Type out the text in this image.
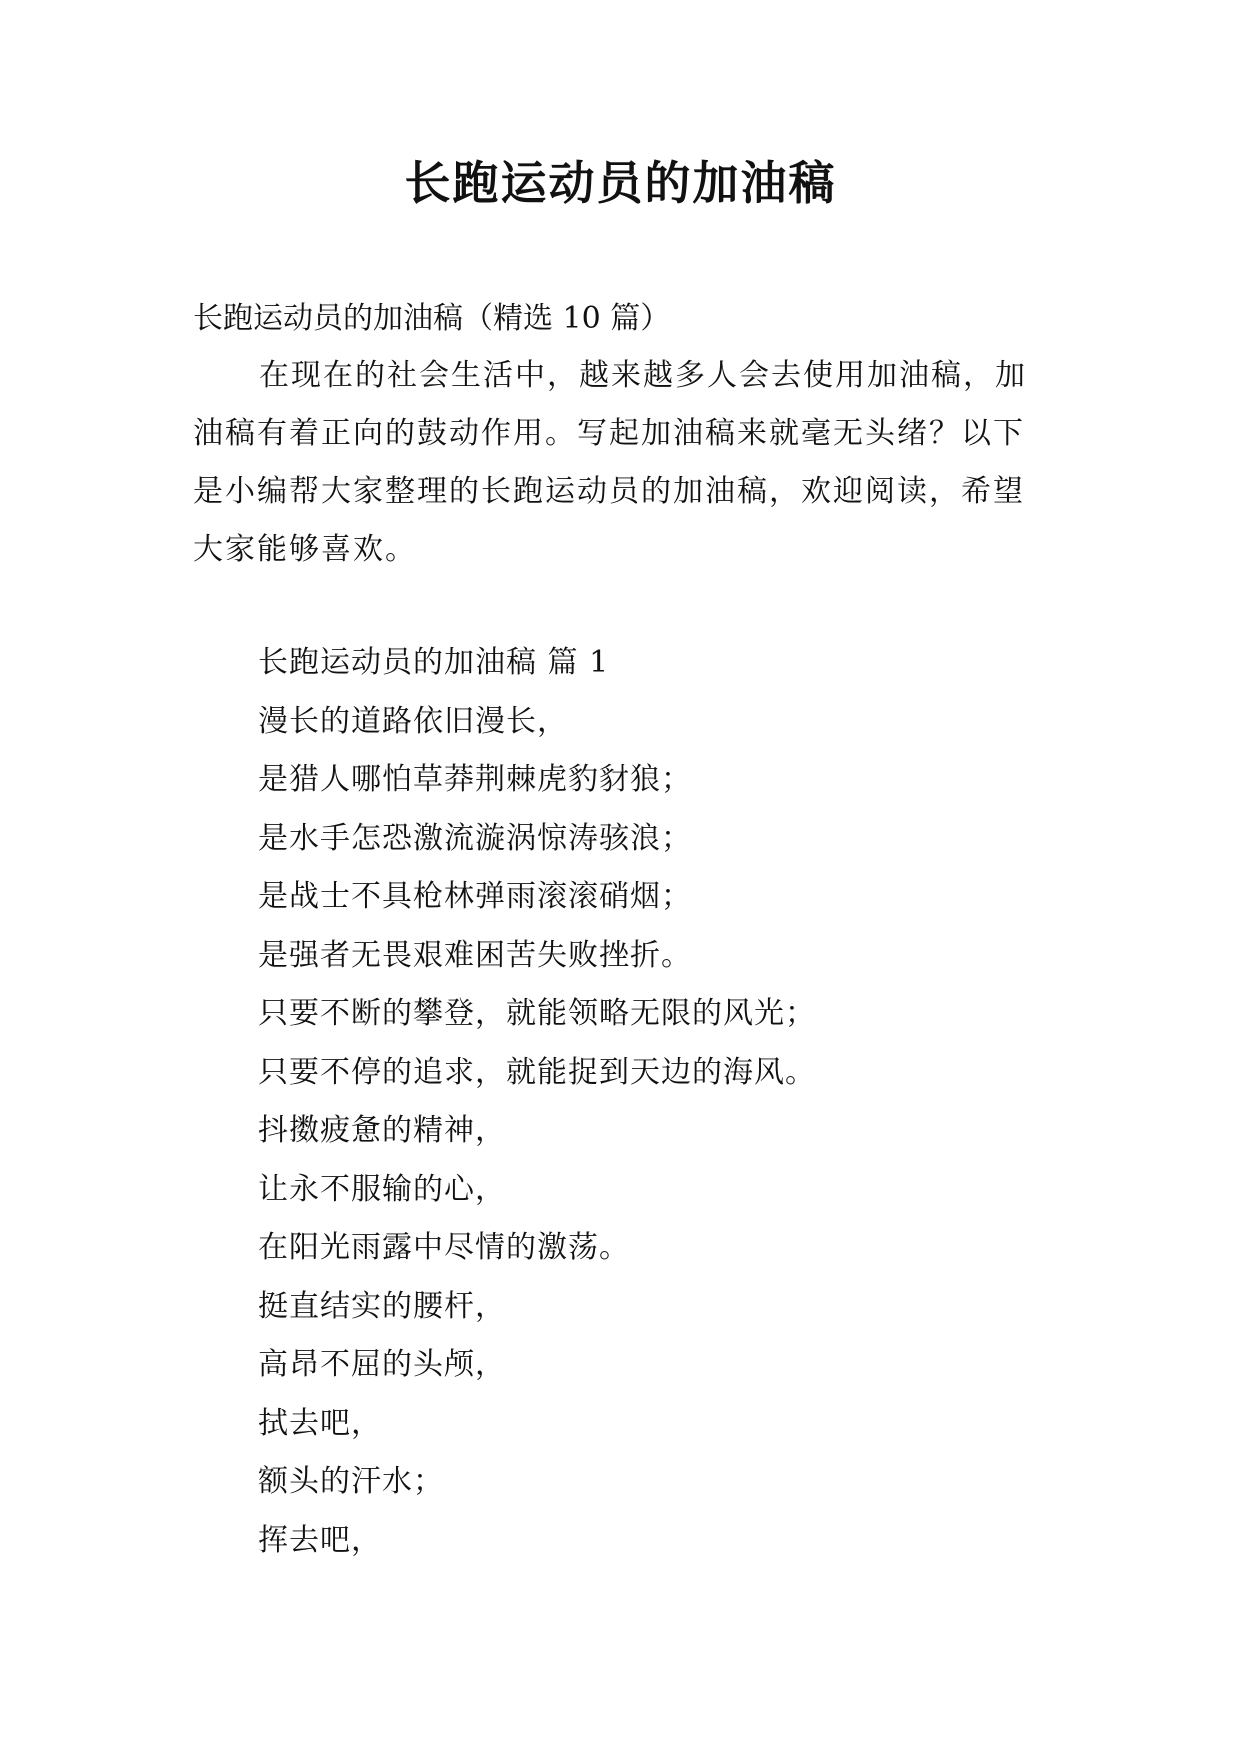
长跑运动员的加油稿
长跑运动员的加油稿（精选 10 篇）
在现在的社会生活中，越来越多人会去使用加油稿，加油稿有着正向的鼓动作用。写起加油稿来就毫无头绪？以下是小编帮大家整理的长跑运动员的加油稿，欢迎阅读，希望大家能够喜欢。
长跑运动员的加油稿 篇 1
漫长的道路依旧漫长，
是猎人哪怕草莽荆棘虎豹豺狼；
是水手怎恐激流漩涡惊涛骇浪；
是战士不具枪林弹雨滚滚硝烟；
是强者无畏艰难困苦失败挫折。
只要不断的攀登，就能领略无限的风光；
只要不停的追求，就能捉到天边的海风。
抖擞疲惫的精神，
让永不服输的心，
在阳光雨露中尽情的激荡。
挺直结实的腰杆，
高昂不屈的头颅，
拭去吧，
额头的汗水；
挥去吧，
